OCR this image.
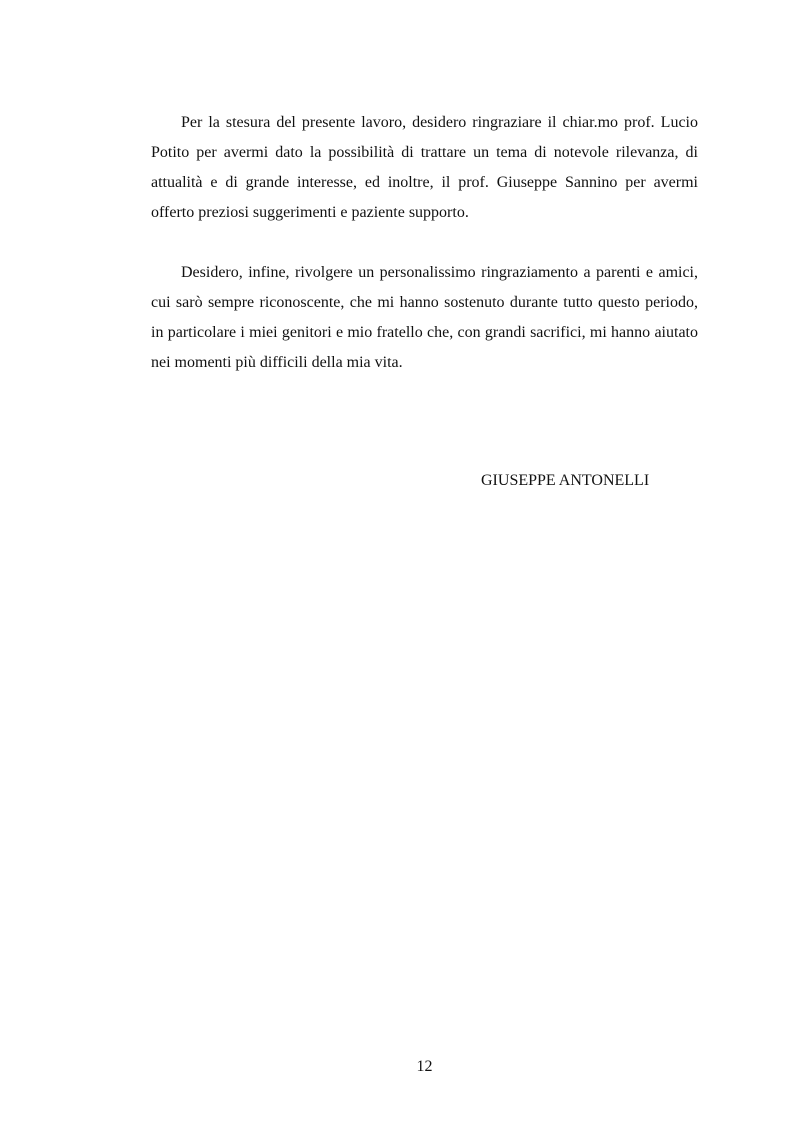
Per la stesura del presente lavoro, desidero ringraziare il chiar.mo prof. Lucio Potito per avermi dato la possibilità di trattare un tema di notevole rilevanza, di attualità e di grande interesse, ed inoltre, il prof. Giuseppe Sannino per avermi offerto preziosi suggerimenti e paziente supporto.

Desidero, infine, rivolgere un personalissimo ringraziamento a parenti e amici, cui sarò sempre riconoscente, che mi hanno sostenuto durante tutto questo periodo, in particolare i miei genitori e mio fratello che, con grandi sacrifici, mi hanno aiutato nei momenti più difficili della mia vita.

GIUSEPPE ANTONELLI
12
